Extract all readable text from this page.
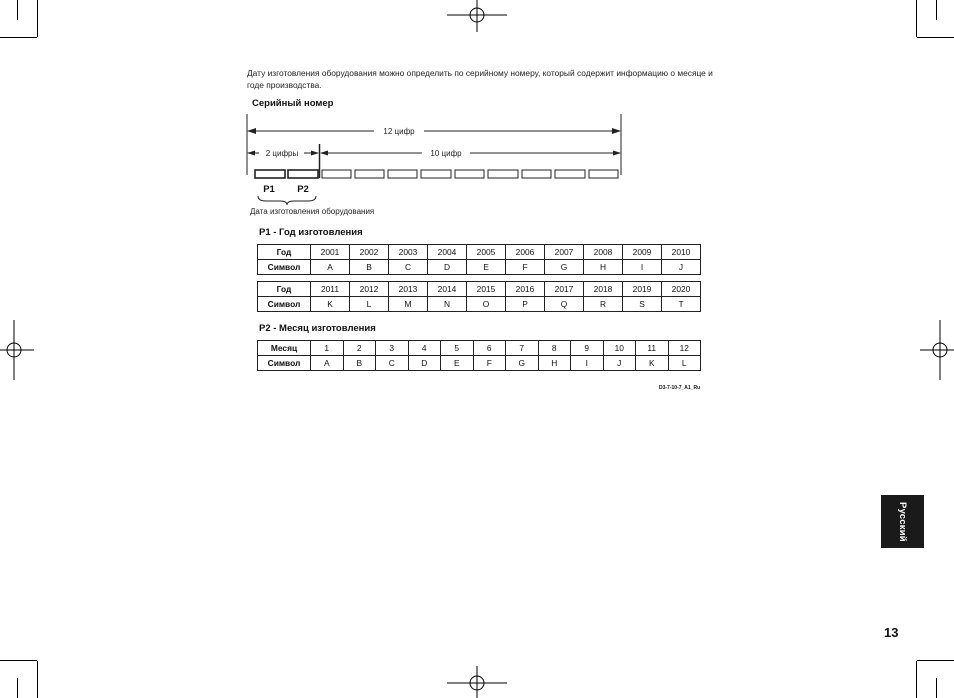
Дату изготовления оборудования можно определить по серийному номеру, который содержит информацию о месяце и годе производства.
Серийный номер
12 цифр
2 цифры	10 цифр
P1 P2
Дата изготовления оборудования
P1 - Год изготовления
Год	2001	2002	2003	2004	2005	2006	2007	2008	2009	2010
Символ	A	B	C	D	E	F	G	H	I	J
Год	2011	2012	2013	2014	2015	2016	2017	2018	2019	2020
Символ	K	L	M	N	O	P	Q	R	S	T
P2 - Месяц изготовления
Месяц	1	2	3	4	5	6	7	8	9	10	11	12
Символ	A	B	C	D	E	F	G	H	I	J	K	L
D3-7-10-7_A1_Ru
Русский
13
